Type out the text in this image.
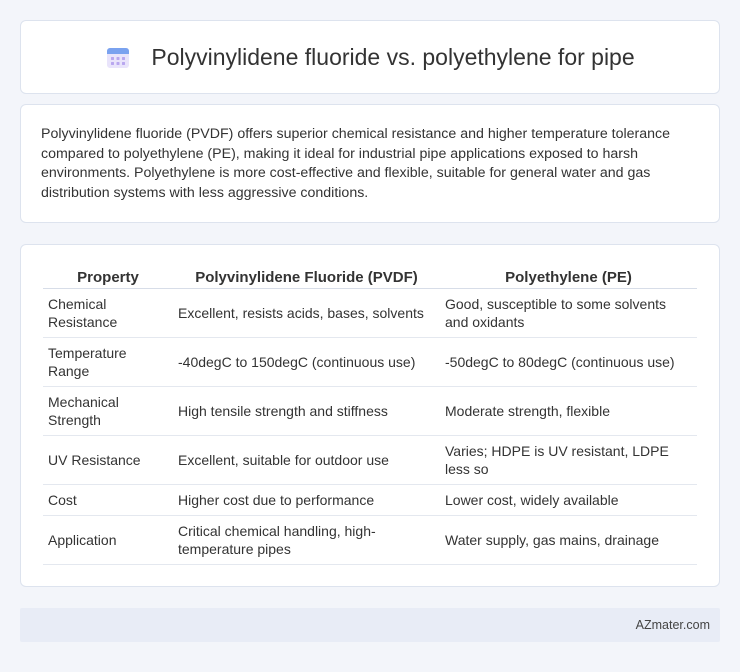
Polyvinylidene fluoride vs. polyethylene for pipe

Polyvinylidene fluoride (PVDF) offers superior chemical resistance and higher temperature tolerance compared to polyethylene (PE), making it ideal for industrial pipe applications exposed to harsh environments. Polyethylene is more cost-effective and flexible, suitable for general water and gas distribution systems with less aggressive conditions.

Property	Polyvinylidene Fluoride (PVDF)	Polyethylene (PE)
Chemical Resistance	Excellent, resists acids, bases, solvents	Good, susceptible to some solvents and oxidants
Temperature Range	-40degC to 150degC (continuous use)	-50degC to 80degC (continuous use)
Mechanical Strength	High tensile strength and stiffness	Moderate strength, flexible
UV Resistance	Excellent, suitable for outdoor use	Varies; HDPE is UV resistant, LDPE less so
Cost	Higher cost due to performance	Lower cost, widely available
Application	Critical chemical handling, high-temperature pipes	Water supply, gas mains, drainage
AZmater.com
